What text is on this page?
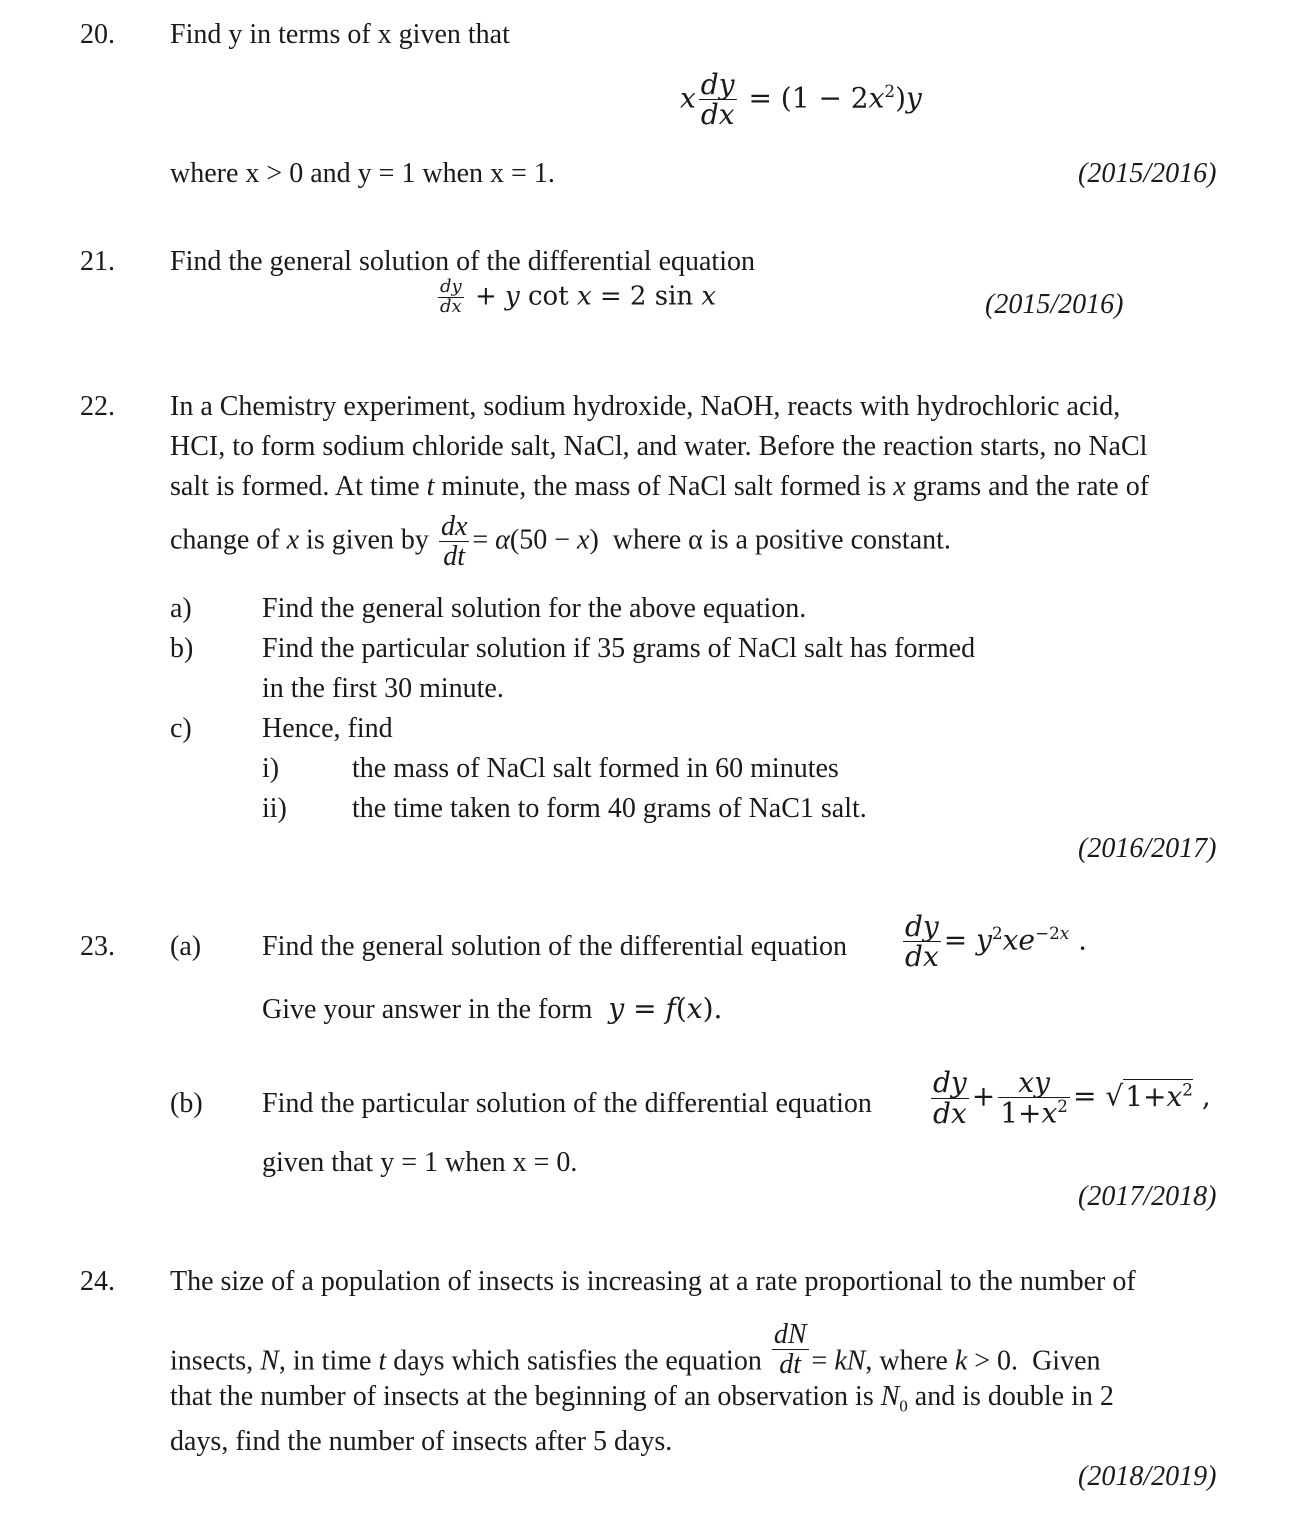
20. Find y in terms of x given that
x $\frac{dy}{dx} = (1 - 2x^2)y$
where x > 0 and y = 1 when x = 1.	(2015/2016)
21. Find the general solution of the differential equation
$\frac{dy}{dx} + y$ cot x = 2 sin x	(2015/2016)
22. In a Chemistry experiment, sodium hydroxide, NaOH, reacts with hydrochloric acid,
HCI, to form sodium chloride salt, NaCl, and water. Before the reaction starts, no NaCl
salt is formed. At time t minute, the mass of NaCl salt formed is x grams and the rate of
change of x is given by $\frac{dx}{dt} = \alpha(50 - x)$  where α is a positive constant.
a)	Find the general solution for the above equation.
b) Find the particular solution if 35 grams of NaCl salt has formed
in the first 30 minute.
c)	Hence, find
i)	the mass of NaCl salt formed in 60 minutes
ii) the time taken to form 40 grams of NaC1 salt.
(2016/2017)
23. (a) Find the general solution of the differential equation $\frac{dy}{dx} = y^2xe^{-2x}$ .
Give your answer in the form y = f(x).
(b) Find the particular solution of the differential equation $\frac{dy}{dx} + \frac{xy}{1+x^2} = √1+x^2$ ,
given that y = 1 when x = 0.
(2017/2018)
24. The size of a population of insects is increasing at a rate proportional to the number of
insects, N, in time t days which satisfies the equation $\frac{dN}{dt}$ = kN, where k > 0.  Given
that the number of insects at the beginning of an observation is $N_0$ and is double in 2
days, find the number of insects after 5 days.
(2018/2019)
